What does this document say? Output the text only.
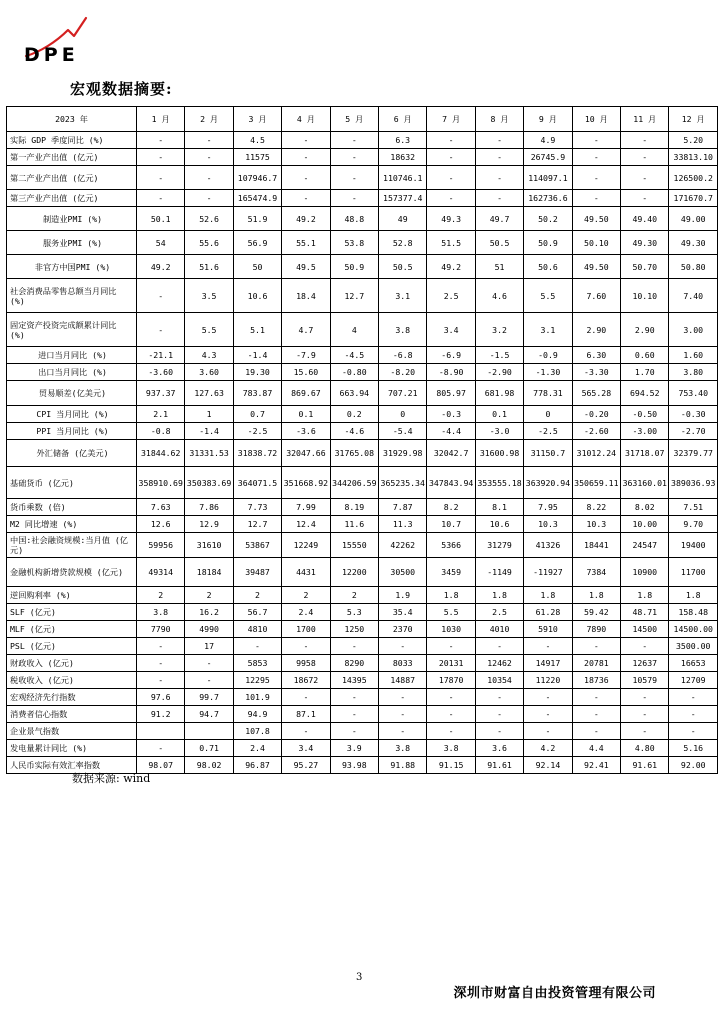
DPE
宏观数据摘要:
2023 年	1 月	2 月	3 月	4 月	5 月	6 月	7 月	8 月	9 月	10 月	11 月	12 月
实际 GDP 季度同比 (%)	-	-	4.5	-	-	6.3	-	-	4.9	-	-	5.20
第一产业产出值 (亿元)	-	-	11575	-	-	18632	-	-	26745.9	-	-	33813.10
第二产业产出值 (亿元)	-	-	107946.7	-	-	110746.1	-	-	114097.1	-	-	126500.2
第三产业产出值 (亿元)	-	-	165474.9	-	-	157377.4	-	-	162736.6	-	-	171670.7
制造业PMI (%)	50.1	52.6	51.9	49.2	48.8	49	49.3	49.7	50.2	49.50	49.40	49.00
服务业PMI (%)	54	55.6	56.9	55.1	53.8	52.8	51.5	50.5	50.9	50.10	49.30	49.30
非官方中国PMI (%)	49.2	51.6	50	49.5	50.9	50.5	49.2	51	50.6	49.50	50.70	50.80
社会消费品零售总额当月同比 (%)	-	3.5	10.6	18.4	12.7	3.1	2.5	4.6	5.5	7.60	10.10	7.40
固定资产投资完成额累计同比 (%)	-	5.5	5.1	4.7	4	3.8	3.4	3.2	3.1	2.90	2.90	3.00
进口当月同比 (%)	-21.1	4.3	-1.4	-7.9	-4.5	-6.8	-6.9	-1.5	-0.9	6.30	0.60	1.60
出口当月同比 (%)	-3.60	3.60	19.30	15.60	-0.80	-8.20	-8.90	-2.90	-1.30	-3.30	1.70	3.80
贸易顺差(亿美元)	937.37	127.63	783.87	869.67	663.94	707.21	805.97	681.98	778.31	565.28	694.52	753.40
CPI 当月同比 (%)	2.1	1	0.7	0.1	0.2	0	-0.3	0.1	0	-0.20	-0.50	-0.30
PPI 当月同比 (%)	-0.8	-1.4	-2.5	-3.6	-4.6	-5.4	-4.4	-3.0	-2.5	-2.60	-3.00	-2.70
外汇储备 (亿美元)	31844.62	31331.53	31838.72	32047.66	31765.08	31929.98	32042.7	31600.98	31150.7	31012.24	31718.07	32379.77
基础货币 (亿元)	358910.69	350383.69	364071.5	351668.92	344206.59	365235.34	347843.94	353555.18	363920.94	350659.11	363160.01	389036.93
货币乘数 (倍)	7.63	7.86	7.73	7.99	8.19	7.87	8.2	8.1	7.95	8.22	8.02	7.51
M2 同比增速 (%)	12.6	12.9	12.7	12.4	11.6	11.3	10.7	10.6	10.3	10.3	10.00	9.70
中国:社会融资规模:当月值 (亿元)	59956	31610	53867	12249	15550	42262	5366	31279	41326	18441	24547	19400
金融机构新增贷款规模 (亿元)	49314	18184	39487	4431	12200	30500	3459	-1149	-11927	7384	10900	11700
逆回购利率 (%)	2	2	2	2	2	1.9	1.8	1.8	1.8	1.8	1.8	1.8
SLF (亿元)	3.8	16.2	56.7	2.4	5.3	35.4	5.5	2.5	61.28	59.42	48.71	158.48
MLF (亿元)	7790	4990	4810	1700	1250	2370	1030	4010	5910	7890	14500	14500.00
PSL (亿元)	-	17	-	-	-	-	-	-	-	-	-	3500.00
财政收入 (亿元)	-	-	5853	9958	8290	8033	20131	12462	14917	20781	12637	16653
税收收入 (亿元)	-	-	12295	18672	14395	14887	17870	10354	11220	18736	10579	12709
宏观经济先行指数	97.6	99.7	101.9	-	-	-	-	-	-	-	-	-
消费者信心指数	91.2	94.7	94.9	87.1	-	-	-	-	-	-	-	-
企业景气指数			107.8	-	-	-	-	-	-	-	-	-
发电量累计同比 (%)	-	0.71	2.4	3.4	3.9	3.8	3.8	3.6	4.2	4.4	4.80	5.16
人民币实际有效汇率指数	98.07	98.02	96.87	95.27	93.98	91.88	91.15	91.61	92.14	92.41	91.61	92.00
数据来源: wind
3
深圳市财富自由投资管理有限公司
